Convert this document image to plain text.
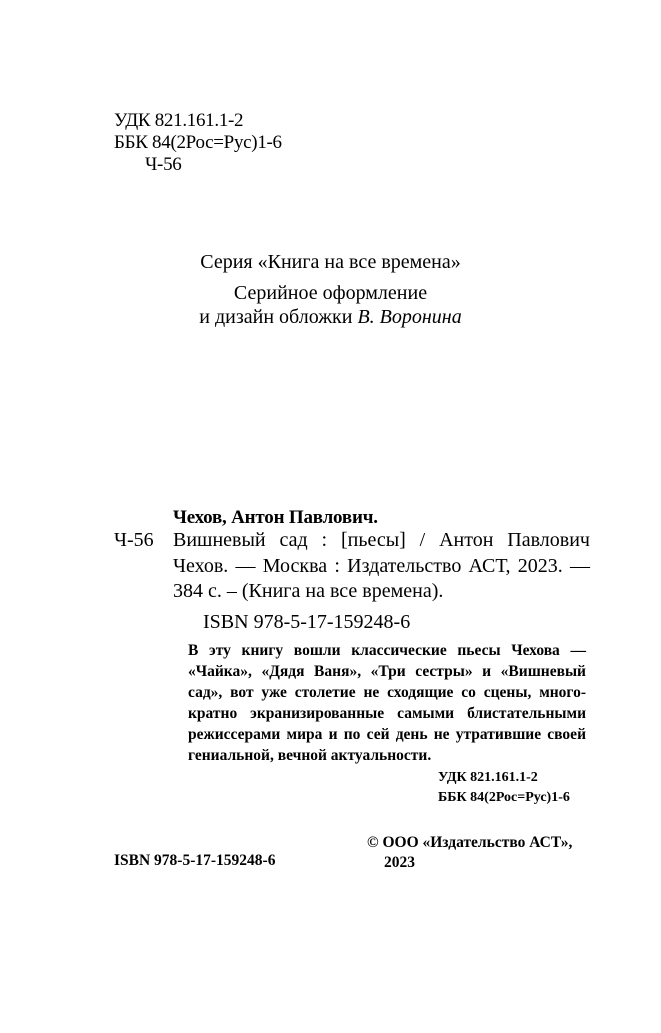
УДК 821.161.1-2
ББК 84(2Рос=Рус)1-6
Ч-56
Серия «Книга на все времена»
Серийное оформление
и дизайн обложки В. Воронина
Чехов, Антон Павлович.
Ч-56 Вишневый сад : [пьесы] / Антон Павлович
Чехов. — Москва : Издательство АСТ, 2023. —
384 с. – (Книга на все времена).
ISBN 978-5-17-159248-6
В эту книгу вошли классические пьесы Чехова —
«Чайка», «Дядя Ваня», «Три сестры» и «Вишневый
сад», вот уже столетие не сходящие со сцены, много-
кратно экранизированные самыми блистательными
режиссерами мира и по сей день не утратившие своей
гениальной, вечной актуальности.
УДК 821.161.1-2
ББК 84(2Рос=Рус)1-6
© ООО «Издательство АСТ»,
ISBN 978-5-17-159248-6	2023
